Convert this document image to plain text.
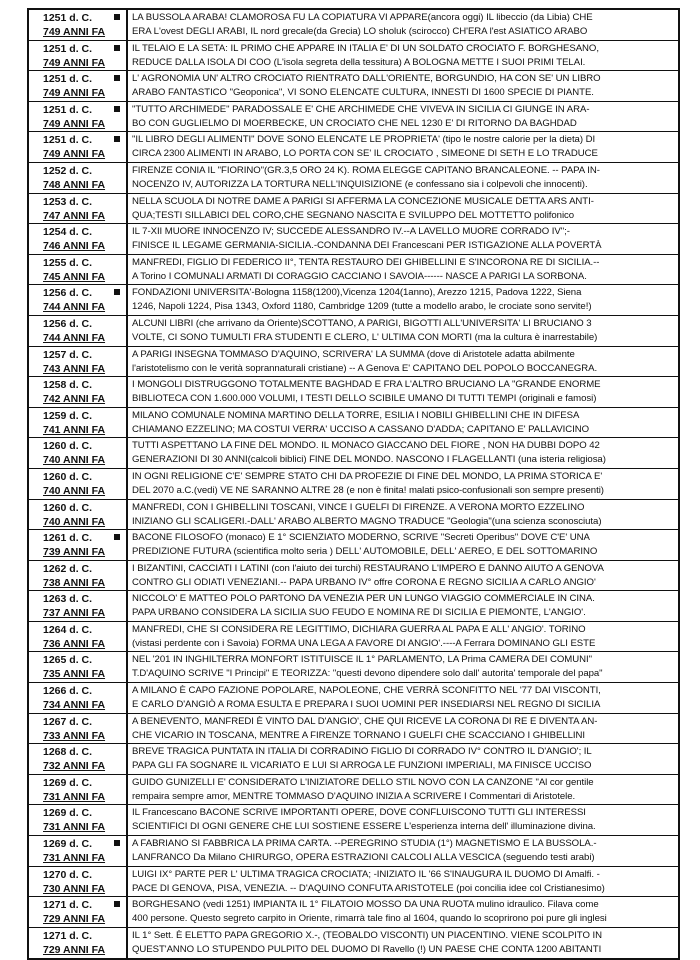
1251 d. C.
749 ANNI FA
LA BUSSOLA ARABA! CLAMOROSA FU LA COPIATURA VI APPARE(ancora oggi) IL libeccio (da Libia) CHE
ERA L'ovest DEGLI ARABI, IL nord grecale(da Grecia) LO sholuk (scirocco) CH'ERA l'est ASIATICO ARABO
1251 d. C.
749 ANNI FA
IL TELAIO E LA SETA: IL PRIMO CHE APPARE IN ITALIA E' DI UN SOLDATO CROCIATO F. BORGHESANO,
REDUCE DALLA ISOLA DI COO (L'isola segreta della tessitura) A BOLOGNA METTE I SUOI PRIMI TELAI.
1251 d. C.
749 ANNI FA
L' AGRONOMIA UN' ALTRO CROCIATO RIENTRATO DALL'ORIENTE, BORGUNDIO, HA CON SE' UN LIBRO
ARABO FANTASTICO "Geoponica", VI SONO ELENCATE CULTURA, INNESTI DI 1600 SPECIE DI PIANTE.
1251 d. C.
749 ANNI FA
"TUTTO ARCHIMEDE" PARADOSSALE E' CHE ARCHIMEDE CHE VIVEVA IN SICILIA CI GIUNGE IN ARA-
BO CON GUGLIELMO DI MOERBECKE, UN CROCIATO CHE NEL 1230 E' DI RITORNO DA BAGHDAD
1251 d. C.
749 ANNI FA
"IL LIBRO DEGLI ALIMENTI" DOVE SONO ELENCATE LE PROPRIETA' (tipo le nostre calorie per la dieta) DI
CIRCA 2300 ALIMENTI IN ARABO, LO PORTA CON SE' IL CROCIATO , SIMEONE DI SETH E LO TRADUCE
1252 d. C.
748 ANNI FA
FIRENZE CONIA IL "FIORINO"(GR.3,5 ORO 24 K). ROMA ELEGGE CAPITANO BRANCALEONE. -- PAPA IN-
NOCENZO IV, AUTORIZZA LA TORTURA NELL'INQUISIZIONE (e confessano sia i colpevoli che innocenti).
1253 d. C.
747 ANNI FA
NELLA SCUOLA DI NOTRE DAME A PARIGI SI AFFERMA LA CONCEZIONE MUSICALE DETTA ARS ANTI-
QUA;TESTI SILLABICI DEL CORO,CHE SEGNANO NASCITA E SVILUPPO DEL MOTTETTO polifonico
1254 d. C.
746 ANNI FA
IL 7-XII MUORE INNOCENZO IV; SUCCEDE ALESSANDRO IV.--A LAVELLO MUORE CORRADO IV";-
FINISCE IL LEGAME GERMANIA-SICILIA.-CONDANNA DEI Francescani PER ISTIGAZIONE ALLA POVERTÀ
1255 d. C.
745 ANNI FA
MANFREDI, FIGLIO DI FEDERICO II°, TENTA RESTAURO DEI GHIBELLINI E S'INCORONA RE DI SICILIA.--
A Torino I COMUNALI ARMATI DI CORAGGIO CACCIANO I SAVOIA------ NASCE A PARIGI LA SORBONA.
1256 d. C.
744 ANNI FA
FONDAZIONI UNIVERSITA'-Bologna 1158(1200),Vicenza 1204(1anno), Arezzo 1215, Padova 1222, Siena
1246, Napoli 1224, Pisa 1343, Oxford 1180, Cambridge 1209 (tutte a modello arabo, le crociate sono servite!)
1256 d. C.
744 ANNI FA
ALCUNI LIBRI (che arrivano da Oriente)SCOTTANO, A PARIGI, BIGOTTI ALL'UNIVERSITA' LI BRUCIANO 3
VOLTE, CI SONO TUMULTI FRA STUDENTI E CLERO, L' ULTIMA CON MORTI (ma la cultura è inarrestabile)
1257 d. C.
743 ANNI FA
A PARIGI INSEGNA TOMMASO D'AQUINO, SCRIVERA' LA SUMMA (dove di Aristotele adatta abilmente
l'aristotelismo con le verità soprannaturali cristiane) -- A Genova E' CAPITANO DEL POPOLO BOCCANEGRA.
1258 d. C.
742 ANNI FA
I MONGOLI DISTRUGGONO TOTALMENTE BAGHDAD E FRA L'ALTRO BRUCIANO LA "GRANDE ENORME
BIBLIOTECA CON 1.600.000 VOLUMI, I TESTI DELLO SCIBILE UMANO DI TUTTI TEMPI (originali e famosi)
1259 d. C.
741 ANNI FA
MILANO COMUNALE NOMINA MARTINO DELLA TORRE, ESILIA I NOBILI GHIBELLINI CHE IN DIFESA
CHIAMANO EZZELINO; MA COSTUI VERRA' UCCISO A CASSANO D'ADDA; CAPITANO E' PALLAVICINO
1260 d. C.
740 ANNI FA
TUTTI ASPETTANO LA FINE DEL MONDO. IL MONACO GIACCANO DEL FIORE , NON HA DUBBI DOPO 42
GENERAZIONI DI 30 ANNI(calcoli biblici) FINE DEL MONDO. NASCONO I FLAGELLANTI (una isteria religiosa)
1260 d. C.
740 ANNI FA
IN OGNI RELIGIONE C'E' SEMPRE STATO CHI DA PROFEZIE DI FINE DEL MONDO, LA PRIMA STORICA E'
DEL 2070 a.C.(vedi) VE NE SARANNO ALTRE 28 (e non è finita! malati psico-confusionali son sempre presenti)
1260 d. C.
740 ANNI FA
MANFREDI, CON I GHIBELLINI TOSCANI, VINCE I GUELFI DI FIRENZE. A VERONA MORTO EZZELINO
INIZIANO GLI SCALIGERI.-DALL' ARABO ALBERTO MAGNO TRADUCE "Geologia"(una scienza sconosciuta)
1261 d. C.
739 ANNI FA
BACONE FILOSOFO (monaco) E 1° SCIENZIATO MODERNO, SCRIVE "Secreti Operibus" DOVE C'E' UNA
PREDIZIONE FUTURA (scientifica molto seria ) DELL' AUTOMOBILE, DELL' AEREO, E DEL SOTTOMARINO
1262 d. C.
738 ANNI FA
I BIZANTINI, CACCIATI I LATINI (con l'aiuto dei turchi) RESTAURANO L'IMPERO E DANNO AIUTO A GENOVA
CONTRO GLI ODIATI VENEZIANI.-- PAPA URBANO IV° offre CORONA E REGNO SICILIA A CARLO ANGIO'
1263 d. C.
737 ANNI FA
NICCOLO' E MATTEO POLO PARTONO DA VENEZIA PER UN LUNGO VIAGGIO COMMERCIALE IN CINA.
PAPA URBANO CONSIDERA LA SICILIA SUO FEUDO E NOMINA RE DI SICILIA E PIEMONTE, L'ANGIO'.
1264 d. C.
736 ANNI FA
MANFREDI, CHE SI CONSIDERA RE LEGITTIMO, DICHIARA GUERRA AL PAPA E ALL' ANGIO'. TORINO
(vistasi perdente con i Savoia) FORMA UNA LEGA A FAVORE DI ANGIO'.----A Ferrara DOMINANO GLI ESTE
1265 d. C.
735 ANNI FA
NEL '201 IN INGHILTERRA MONFORT ISTITUISCE IL 1° PARLAMENTO, LA Prima CAMERA DEI COMUNI"
T.D'AQUINO SCRIVE "I Principi" E TEORIZZA: "questi devono dipendere solo dall' autorita' temporale del papa"
1266 d. C.
734 ANNI FA
A MILANO È CAPO FAZIONE POPOLARE, NAPOLEONE, CHE VERRÀ SCONFITTO NEL '77 DAI VISCONTI,
E CARLO D'ANGIÒ A ROMA ESULTA E PREPARA I SUOI UOMINI PER INSEDIARSI NEL REGNO DI SICILIA
1267 d. C.
733 ANNI FA
A BENEVENTO, MANFREDI È VINTO DAL D'ANGIO', CHE QUI RICEVE LA CORONA DI RE E DIVENTA AN-
CHE VICARIO IN TOSCANA, MENTRE A FIRENZE TORNANO I GUELFI CHE SCACCIANO I GHIBELLINI
1268 d. C.
732 ANNI FA
BREVE TRAGICA PUNTATA IN ITALIA DI CORRADINO FIGLIO DI CORRADO IV° CONTRO IL D'ANGIO'; IL
PAPA GLI FA SOGNARE IL VICARIATO E LUI SI ARROGA LE FUNZIONI IMPERIALI, MA FINISCE UCCISO
1269 d. C.
731 ANNI FA
GUIDO GUNIZELLI E' CONSIDERATO L'INIZIATORE DELLO STIL NOVO CON LA CANZONE "Al cor gentile
rempaira sempre amor, MENTRE TOMMASO D'AQUINO INIZIA A SCRIVERE I Commentari di Aristotele.
1269 d. C.
731 ANNI FA
IL Francescano BACONE SCRIVE IMPORTANTI OPERE, DOVE CONFLUISCONO TUTTI GLI INTERESSI
SCIENTIFICI DI OGNI GENERE CHE LUI SOSTIENE ESSERE L'esperienza interna dell' illuminazione divina.
1269 d. C.
731 ANNI FA
A FABRIANO SI FABBRICA LA PRIMA CARTA. --PEREGRINO STUDIA (1°) MAGNETISMO E LA BUSSOLA.-
LANFRANCO Da Milano CHIRURGO, OPERA ESTRAZIONI CALCOLI ALLA VESCICA (seguendo testi arabi)
1270 d. C.
730 ANNI FA
LUIGI IX° PARTE PER L' ULTIMA TRAGICA CROCIATA; -INIZIATO IL '66 S'INAUGURA IL DUOMO DI Amalfi. -
PACE DI GENOVA, PISA, VENEZIA. -- D'AQUINO CONFUTA ARISTOTELE (poi concilia idee col Cristianesimo)
1271 d. C.
729 ANNI FA
BORGHESANO (vedi 1251) IMPIANTA IL 1° FILATOIO MOSSO DA UNA RUOTA mulino idraulico. Filava come
400 persone. Questo segreto carpito in Oriente, rimarrà tale fino al 1604, quando lo scoprirono poi pure gli inglesi
1271 d. C.
729 ANNI FA
IL 1° Sett. È ELETTO PAPA GREGORIO X.-, (TEOBALDO VISCONTI) UN PIACENTINO. VIENE SCOLPITO IN
QUEST'ANNO LO STUPENDO PULPITO DEL DUOMO DI Ravello (!) UN PAESE CHE CONTA 1200 ABITANTI
